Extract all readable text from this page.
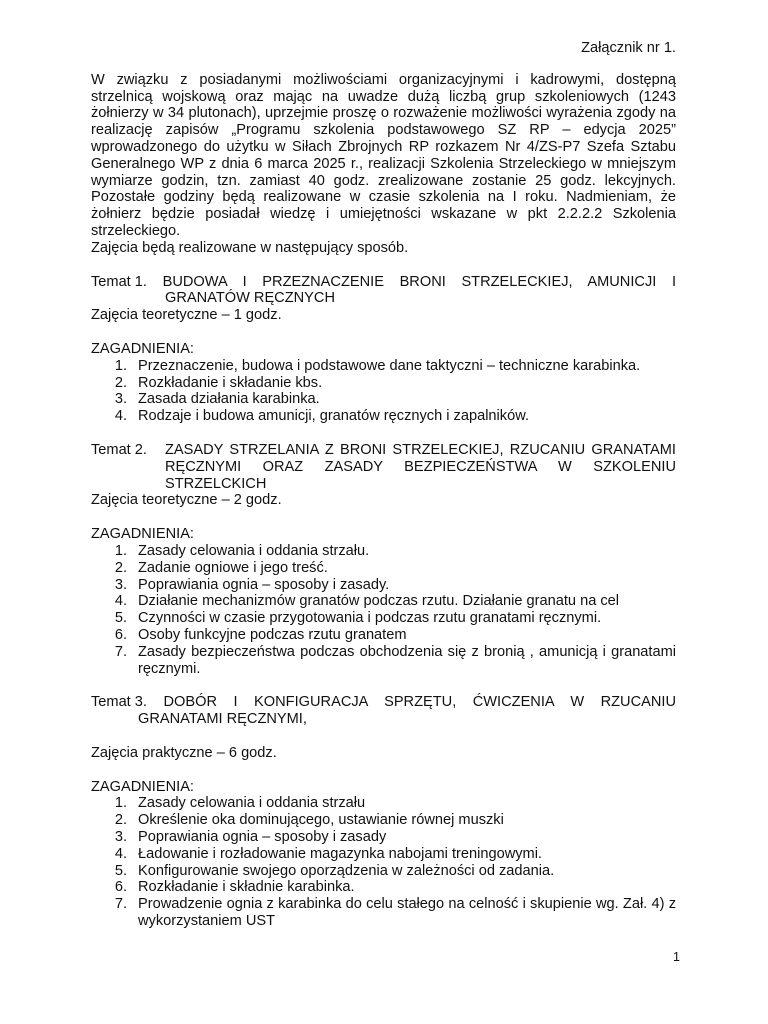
Załącznik nr 1.

W związku z posiadanymi możliwościami organizacyjnymi i kadrowymi, dostępną strzelnicą wojskową oraz mając na uwadze dużą liczbą grup szkoleniowych (1243 żołnierzy w 34 plutonach), uprzejmie proszę o rozważenie możliwości wyrażenia zgody na realizację zapisów „Programu szkolenia podstawowego SZ RP – edycja 2025” wprowadzonego do użytku w Siłach Zbrojnych RP rozkazem Nr 4/ZS-P7 Szefa Sztabu Generalnego WP z dnia 6 marca 2025 r., realizacji Szkolenia Strzeleckiego w mniejszym wymiarze godzin, tzn. zamiast 40 godz. zrealizowane zostanie 25 godz. lekcyjnych. Pozostałe godziny będą realizowane w czasie szkolenia na I roku. Nadmieniam, że żołnierz będzie posiadał wiedzę i umiejętności wskazane w pkt 2.2.2.2 Szkolenia strzeleckiego.

Zajęcia będą realizowane w następujący sposób.

Temat 1. BUDOWA I PRZEZNACZENIE BRONI STRZELECKIEJ, AMUNICJI I GRANATÓW RĘCZNYCH

Zajęcia teoretyczne – 1 godz.

ZAGADNIENIA:

1. Przeznaczenie, budowa i podstawowe dane taktyczni – techniczne karabinka.
2. Rozkładanie i składanie kbs.
3. Zasada działania karabinka.
4. Rodzaje i budowa amunicji, granatów ręcznych i zapalników.

Temat 2. ZASADY STRZELANIA Z BRONI STRZELECKIEJ, RZUCANIU GRANATAMI RĘCZNYMI ORAZ ZASADY BEZPIECZEŃSTWA W SZKOLENIU STRZELCKICH

Zajęcia teoretyczne – 2 godz.

ZAGADNIENIA:

1. Zasady celowania i oddania strzału.
2. Zadanie ogniowe i jego treść.
3. Poprawiania ognia – sposoby i zasady.
4. Działanie mechanizmów granatów podczas rzutu. Działanie granatu na cel
5. Czynności w czasie przygotowania i podczas rzutu granatami ręcznymi.
6. Osoby funkcyjne podczas rzutu granatem
7. Zasady bezpieczeństwa podczas obchodzenia się z bronią , amunicją i granatami ręcznymi.

Temat 3. DOBÓR I KONFIGURACJA SPRZĘTU, ĆWICZENIA W RZUCANIU GRANATAMI RĘCZNYMI,

Zajęcia praktyczne – 6 godz.

ZAGADNIENIA:

1. Zasady celowania i oddania strzału
2. Określenie oka dominującego, ustawianie równej muszki
3. Poprawiania ognia – sposoby i zasady
4. Ładowanie i rozładowanie magazynka nabojami treningowymi.
5. Konfigurowanie swojego oporządzenia w zależności od zadania.
6. Rozkładanie i składnie karabinka.
7. Prowadzenie ognia z karabinka do celu stałego na celność i skupienie wg. Zał. 4) z wykorzystaniem UST
1
